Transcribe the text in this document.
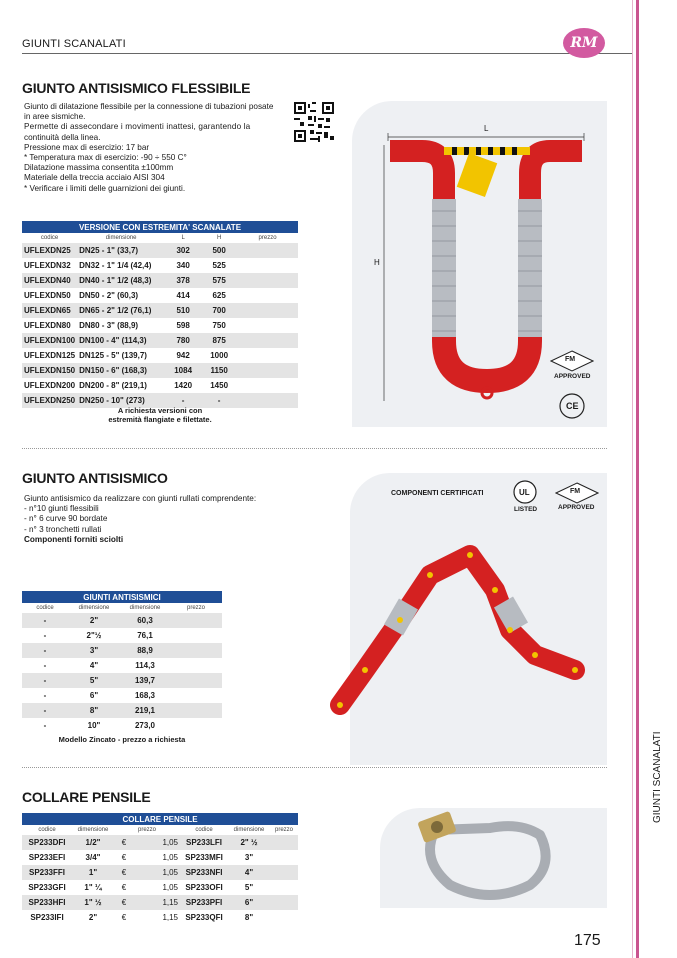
GIUNTI SCANALATI	RM
GIUNTO ANTISISMICO FLESSIBILE
Giunto di dilatazione flessibile per la connessione di tubazioni posate
in aree sismiche.
Permette di assecondare i movimenti inattesi, garantendo la
continuità della linea.
Pressione max di esercizio: 17 bar
* Temperatura max di esercizio: -90 ÷ 550 C°
Dilatazione massima consentita ±100mm
Materiale della treccia acciaio AISI 304
* Verificare i limiti delle guarnizioni dei giunti.
VERSIONE CON ESTREMITA' SCANALATE				
codice	dimensione	L	H	prezzo
UFLEXDN25	DN25 - 1" (33,7)	302	500	
UFLEXDN32	DN32 - 1" 1/4 (42,4)	340	525	
UFLEXDN40	DN40 - 1" 1/2 (48,3)	378	575	
UFLEXDN50	DN50 - 2" (60,3)	414	625	
UFLEXDN65	DN65 - 2" 1/2 (76,1)	510	700	
UFLEXDN80	DN80 - 3" (88,9)	598	750	
UFLEXDN100	DN100 - 4" (114,3)	780	875	
UFLEXDN125	DN125 - 5" (139,7)	942	1000	
UFLEXDN150	DN150 - 6" (168,3)	1084	1150	
UFLEXDN200	DN200 - 8" (219,1)	1420	1450	
UFLEXDN250	DN250 - 10" (273)	-	-	
A richiesta versioni con
estremità flangiate e filettate.
L
H
FM
APPROVED
CE
GIUNTO ANTISISMICO
Giunto antisismico da realizzare con giunti rullati comprendente:
- n°10 giunti flessibili
- n° 6 curve 90 bordate
- n° 3 tronchetti rullati
Componenti forniti sciolti
GIUNTI ANTISISMICI			
codice	dimensione	dimensione	prezzo
-	2"	60,3	
-	2"½	76,1	
-	3"	88,9	
-	4"	114,3	
-	5"	139,7	
-	6"	168,3	
-	8"	219,1	
-	10"	273,0	
Modello Zincato - prezzo a richiesta
COMPONENTI CERTIFICATI	UL
LISTED
FM
APPROVED
COLLARE PENSILE
COLLARE PENSILE						
codice	dimensione	prezzo		codice	dimensione	prezzo
SP233DFI	1/2"	€	1,05	SP233LFI	2" ½	
SP233EFI	3/4"	€	1,05	SP233MFI	3"	
SP233FFI	1"	€	1,05	SP233NFI	4"	
SP233GFI	1" ¼	€	1,05	SP233OFI	5"	
SP233HFI	1" ½	€	1,15	SP233PFI	6"	
SP233IFI	2"	€	1,15	SP233QFI	8"	
GIUNTI SCANALATI
175
